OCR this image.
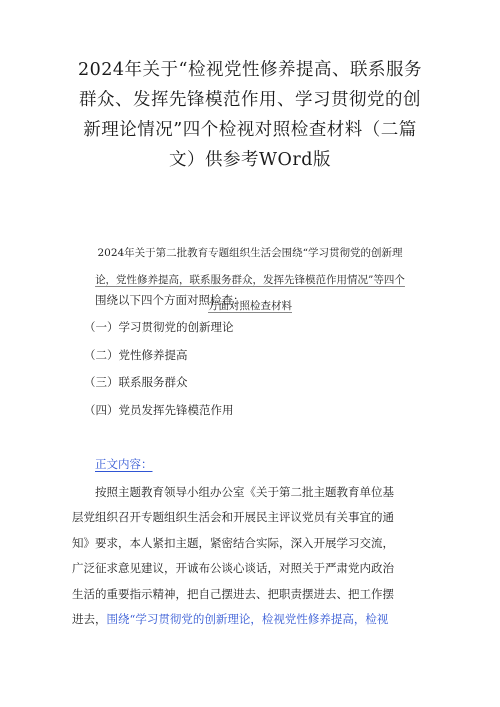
2024年关于“检视党性修养提高、联系服务
群众、发挥先锋模范作用、学习贯彻党的创
新理论情况”四个检视对照检查材料（二篇
文）供参考WOrd版
2024年关于第二批教育专题组织生活会围绕“学习贯彻党的创新理
论，党性修养提高，联系服务群众，发挥先锋模范作用情况”等四个
方面对照检查材料
围绕以下四个方面对照检查：
（一）学习贯彻党的创新理论
（二）党性修养提高
（三）联系服务群众
（四）党员发挥先锋模范作用
正文内容：
按照主题教育领导小组办公室《关于第二批主题教育单位基
层党组织召开专题组织生活会和开展民主评议党员有关事宜的通
知》要求，本人紧扣主题，紧密结合实际，深入开展学习交流，
广泛征求意见建议，开诚布公谈心谈话，对照关于严肃党内政治
生活的重要指示精神，把自己摆进去、把职责摆进去、把工作摆
进去，围绕“学习贯彻党的创新理论，检视党性修养提高，检视
